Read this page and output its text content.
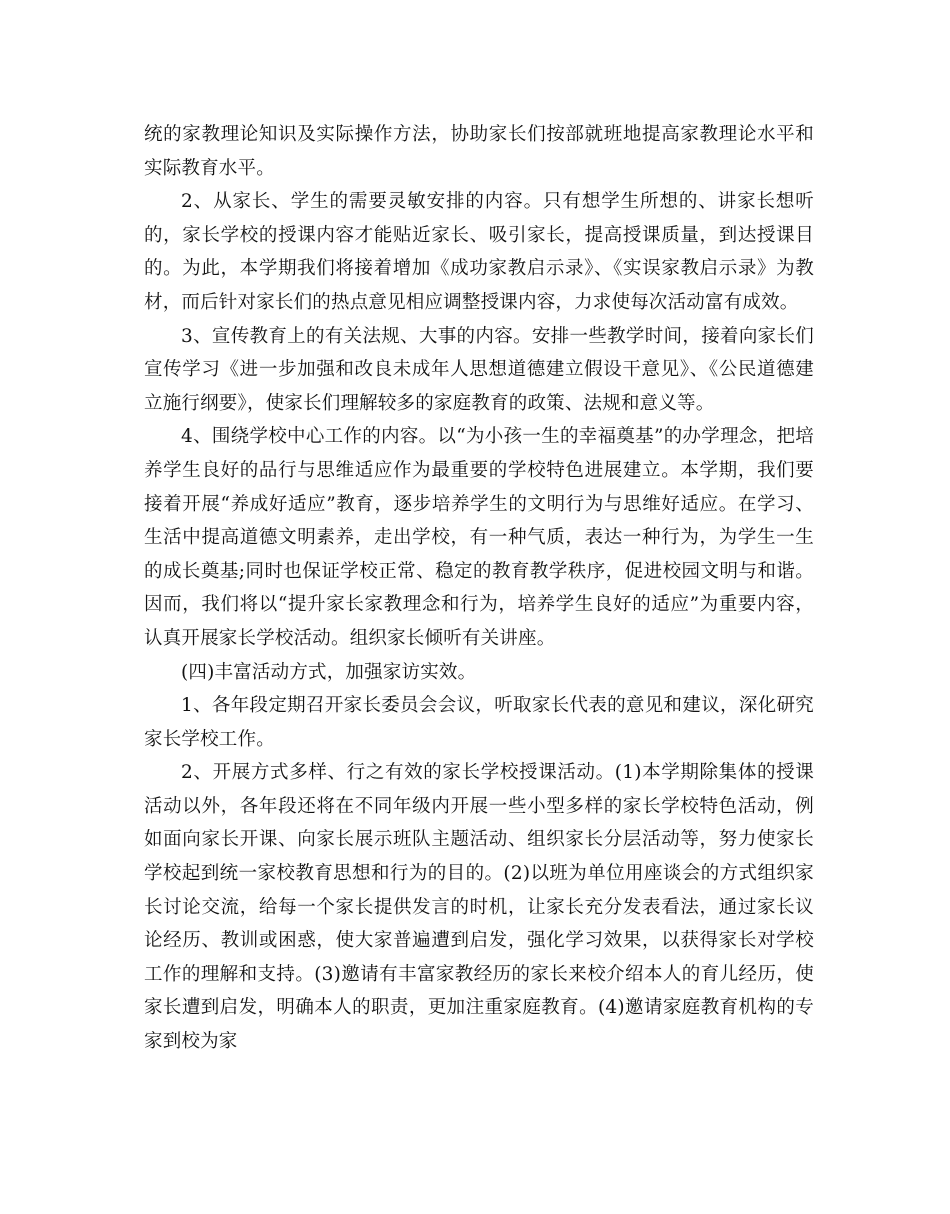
统的家教理论知识及实际操作方法，协助家长们按部就班地提高家教理论水平和实际教育水平。

2、从家长、学生的需要灵敏安排的内容。只有想学生所想的、讲家长想听的，家长学校的授课内容才能贴近家长、吸引家长，提高授课质量，到达授课目的。为此，本学期我们将接着增加《成功家教启示录》、《实误家教启示录》为教材，而后针对家长们的热点意见相应调整授课内容，力求使每次活动富有成效。

3、宣传教育上的有关法规、大事的内容。安排一些教学时间，接着向家长们宣传学习《进一步加强和改良未成年人思想道德建立假设干意见》、《公民道德建立施行纲要》，使家长们理解较多的家庭教育的政策、法规和意义等。

4、围绕学校中心工作的内容。以“为小孩一生的幸福奠基”的办学理念，把培养学生良好的品行与思维适应作为最重要的学校特色进展建立。本学期，我们要接着开展“养成好适应”教育，逐步培养学生的文明行为与思维好适应。在学习、生活中提高道德文明素养，走出学校，有一种气质，表达一种行为，为学生一生的成长奠基;同时也保证学校正常、稳定的教育教学秩序，促进校园文明与和谐。因而，我们将以“提升家长家教理念和行为，培养学生良好的适应”为重要内容，认真开展家长学校活动。组织家长倾听有关讲座。

(四)丰富活动方式，加强家访实效。

1、各年段定期召开家长委员会会议，听取家长代表的意见和建议，深化研究家长学校工作。

2、开展方式多样、行之有效的家长学校授课活动。(1)本学期除集体的授课活动以外，各年段还将在不同年级内开展一些小型多样的家长学校特色活动，例如面向家长开课、向家长展示班队主题活动、组织家长分层活动等，努力使家长学校起到统一家校教育思想和行为的目的。(2)以班为单位用座谈会的方式组织家长讨论交流，给每一个家长提供发言的时机，让家长充分发表看法，通过家长议论经历、教训或困惑，使大家普遍遭到启发，强化学习效果，以获得家长对学校工作的理解和支持。(3)邀请有丰富家教经历的家长来校介绍本人的育儿经历，使家长遭到启发，明确本人的职责，更加注重家庭教育。(4)邀请家庭教育机构的专家到校为家
